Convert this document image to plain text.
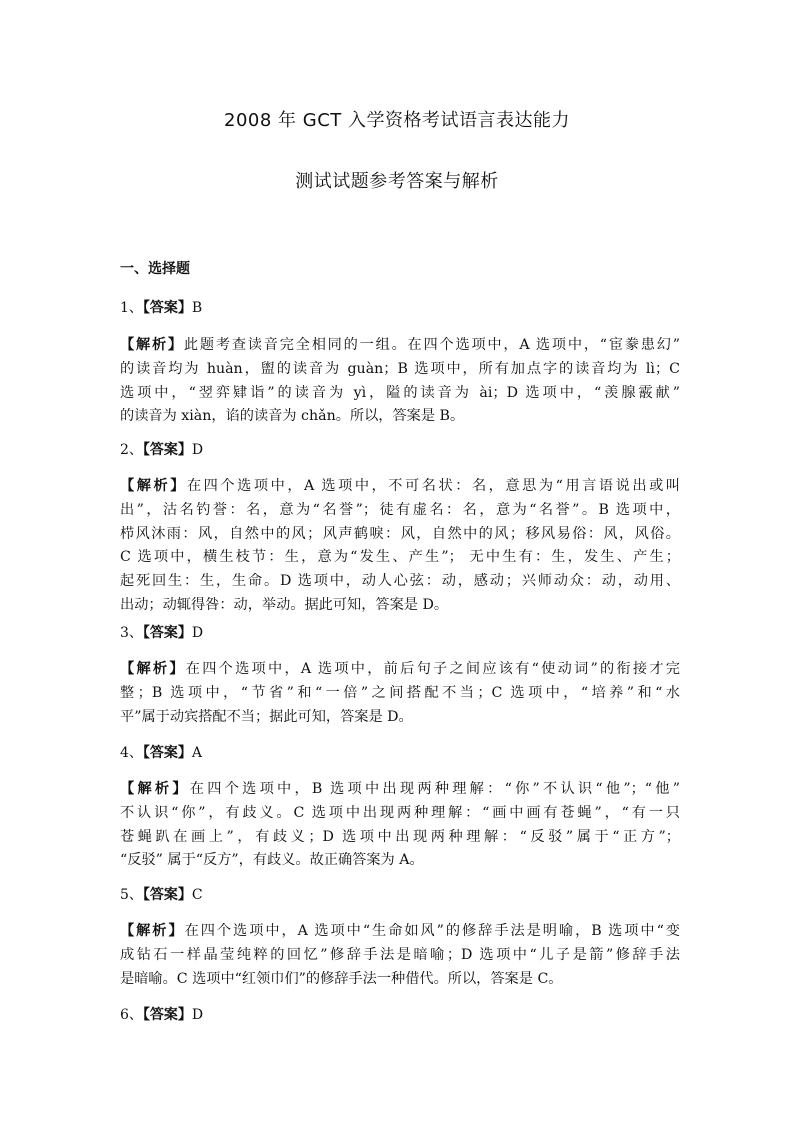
2008 年 GCT 入学资格考试语言表达能力
测试试题参考答案与解析
一、选择题
1、【答案】B
【解析】此题考查读音完全相同的一组。在四个选项中，A 选项中，“宦豢患幻”
的读音均为 huàn，盥的读音为 guàn；B 选项中，所有加点字的读音均为 lì；C
选项中，“翌弈肄诣”的读音为 yì，隘的读音为 ài；D 选项中，“羡腺霰献”
的读音为 xiàn，谄的读音为 chǎn。所以，答案是 B。
2、【答案】D
【解析】在四个选项中，A 选项中，不可名状：名，意思为“用言语说出或叫
出”，沽名钓誉：名，意为“名誉”；徒有虚名：名，意为“名誉”。B 选项中，
栉风沐雨：风，自然中的风；风声鹤唳：风，自然中的风；移风易俗：风，风俗。
C 选项中，横生枝节：生，意为“发生、产生”； 无中生有：生，发生、产生；
起死回生：生，生命。D 选项中，动人心弦：动，感动；兴师动众：动，动用、
出动；动辄得咎：动，举动。据此可知，答案是 D。
3、【答案】D
【解析】在四个选项中，A 选项中，前后句子之间应该有“使动词”的衔接才完
整；B 选项中，“节省”和“一倍”之间搭配不当；C 选项中，“培养”和“水
平”属于动宾搭配不当；据此可知，答案是 D。
4、【答案】A
【解析】在四个选项中，B 选项中出现两种理解：“你”不认识“他”；“他”
不认识“你”，有歧义。C 选项中出现两种理解：“画中画有苍蝇”，“有一只
苍蝇趴在画上”，有歧义；D 选项中出现两种理解：“反驳”属于“正方”；
“反驳” 属于“反方”，有歧义。故正确答案为 A。
5、【答案】C
【解析】在四个选项中，A 选项中“生命如风”的修辞手法是明喻，B 选项中“变
成钻石一样晶莹纯粹的回忆”修辞手法是暗喻；D 选项中“儿子是箭”修辞手法
是暗喻。C 选项中“红领巾们”的修辞手法一种借代。所以，答案是 C。
6、【答案】D
